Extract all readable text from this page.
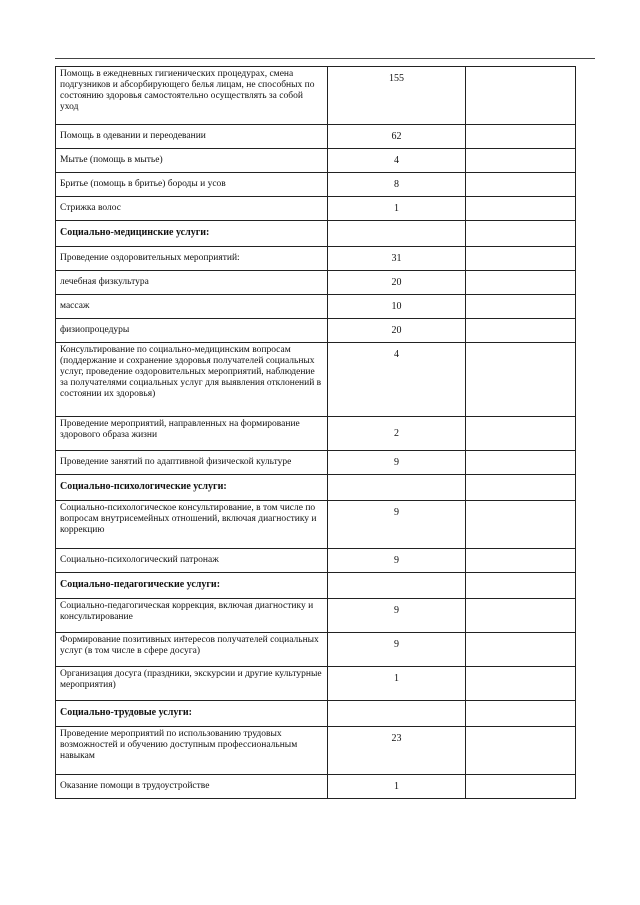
Помощь в ежедневных гигиенических процедурах, смена подгузников и абсорбирующего белья лицам, не способных по состоянию здоровья самостоятельно осуществлять за собой уход	155	
Помощь в одевании и переодевании	62	
Мытье (помощь в мытье)	4	
Бритье (помощь в бритье) бороды и усов	8	
Стрижка волос	1	
Социально-медицинские услуги:		
Проведение оздоровительных мероприятий:	31	
лечебная физкультура	20	
массаж	10	
физиопроцедуры	20	
Консультирование по социально-медицинским вопросам (поддержание и сохранение здоровья получателей социальных услуг, проведение оздоровительных мероприятий, наблюдение за получателями социальных услуг для выявления отклонений в состоянии их здоровья)	4	
Проведение мероприятий, направленных на формирование здорового образа жизни	2	
Проведение занятий по адаптивной физической культуре	9	
Социально-психологические услуги:		
Социально-психологическое консультирование, в том числе по вопросам внутрисемейных отношений, включая диагностику и коррекцию	9	
Социально-психологический патронаж	9	
Социально-педагогические услуги:		
Социально-педагогическая коррекция, включая диагностику и консультирование	9	
Формирование позитивных интересов получателей социальных услуг (в том числе в сфере досуга)	9	
Организация досуга (праздники, экскурсии и другие культурные мероприятия)	1	
Социально-трудовые услуги:		
Проведение мероприятий по использованию трудовых возможностей и обучению доступным профессиональным навыкам	23	
Оказание помощи в трудоустройстве	1	
